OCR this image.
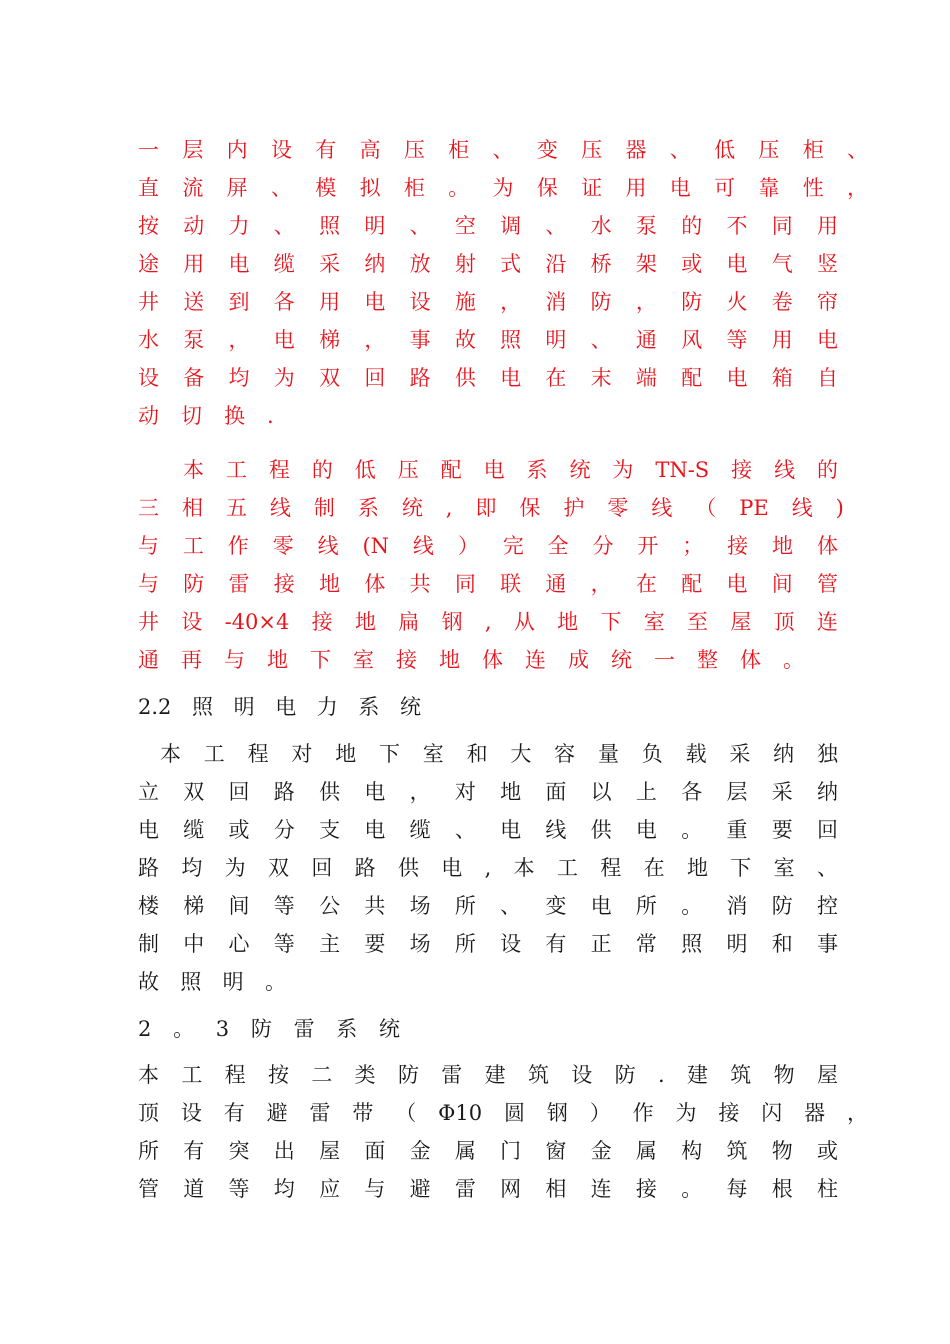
一 层 内 设 有 高 压 柜 、 变 压 器 、 低 压 柜 、
直 流 屏 、 模 拟 柜 。 为 保 证 用 电 可 靠 性 ，
按 动 力 、 照 明 、 空 调 、 水 泵 的 不 同 用
途 用 电 缆 采 纳 放 射 式 沿 桥 架 或 电 气 竖
井 送 到 各 用 电 设 施 ， 消 防 ， 防 火 卷 帘
水 泵 ， 电 梯 ， 事 故 照 明 、 通 风 等 用 电
设 备 均 为 双 回 路 供 电 在 末 端 配 电 箱 自
动 切 换 .
本 工 程 的 低 压 配 电 系 统 为 TN-S 接 线 的
三 相 五 线 制 系 统 , 即 保 护 零 线 （ PE 线 )
与 工 作 零 线 (N 线 ） 完 全 分 开 ； 接 地 体
与 防 雷 接 地 体 共 同 联 通 ， 在 配 电 间 管
井 设 -40×4 接 地 扁 钢 , 从 地 下 室 至 屋 顶 连
通 再 与 地 下 室 接 地 体 连 成 统 一 整 体 。
2.2 照 明 电 力 系 统
本 工 程 对 地 下 室 和 大 容 量 负 载 采 纳 独
立 双 回 路 供 电 ， 对 地 面 以 上 各 层 采 纳
电 缆 或 分 支 电 缆 、 电 线 供 电 。 重 要 回
路 均 为 双 回 路 供 电 , 本 工 程 在 地 下 室 、
楼 梯 间 等 公 共 场 所 、 变 电 所 。 消 防 控
制 中 心 等 主 要 场 所 设 有 正 常 照 明 和 事
故 照 明 。
2 。 3 防 雷 系 统
本 工 程 按 二 类 防 雷 建 筑 设 防 . 建 筑 物 屋
顶 设 有 避 雷 带 （ Φ10 圆 钢 ） 作 为 接 闪 器 ，
所 有 突 出 屋 面 金 属 门 窗 金 属 构 筑 物 或
管 道 等 均 应 与 避 雷 网 相 连 接 。 每 根 柱
